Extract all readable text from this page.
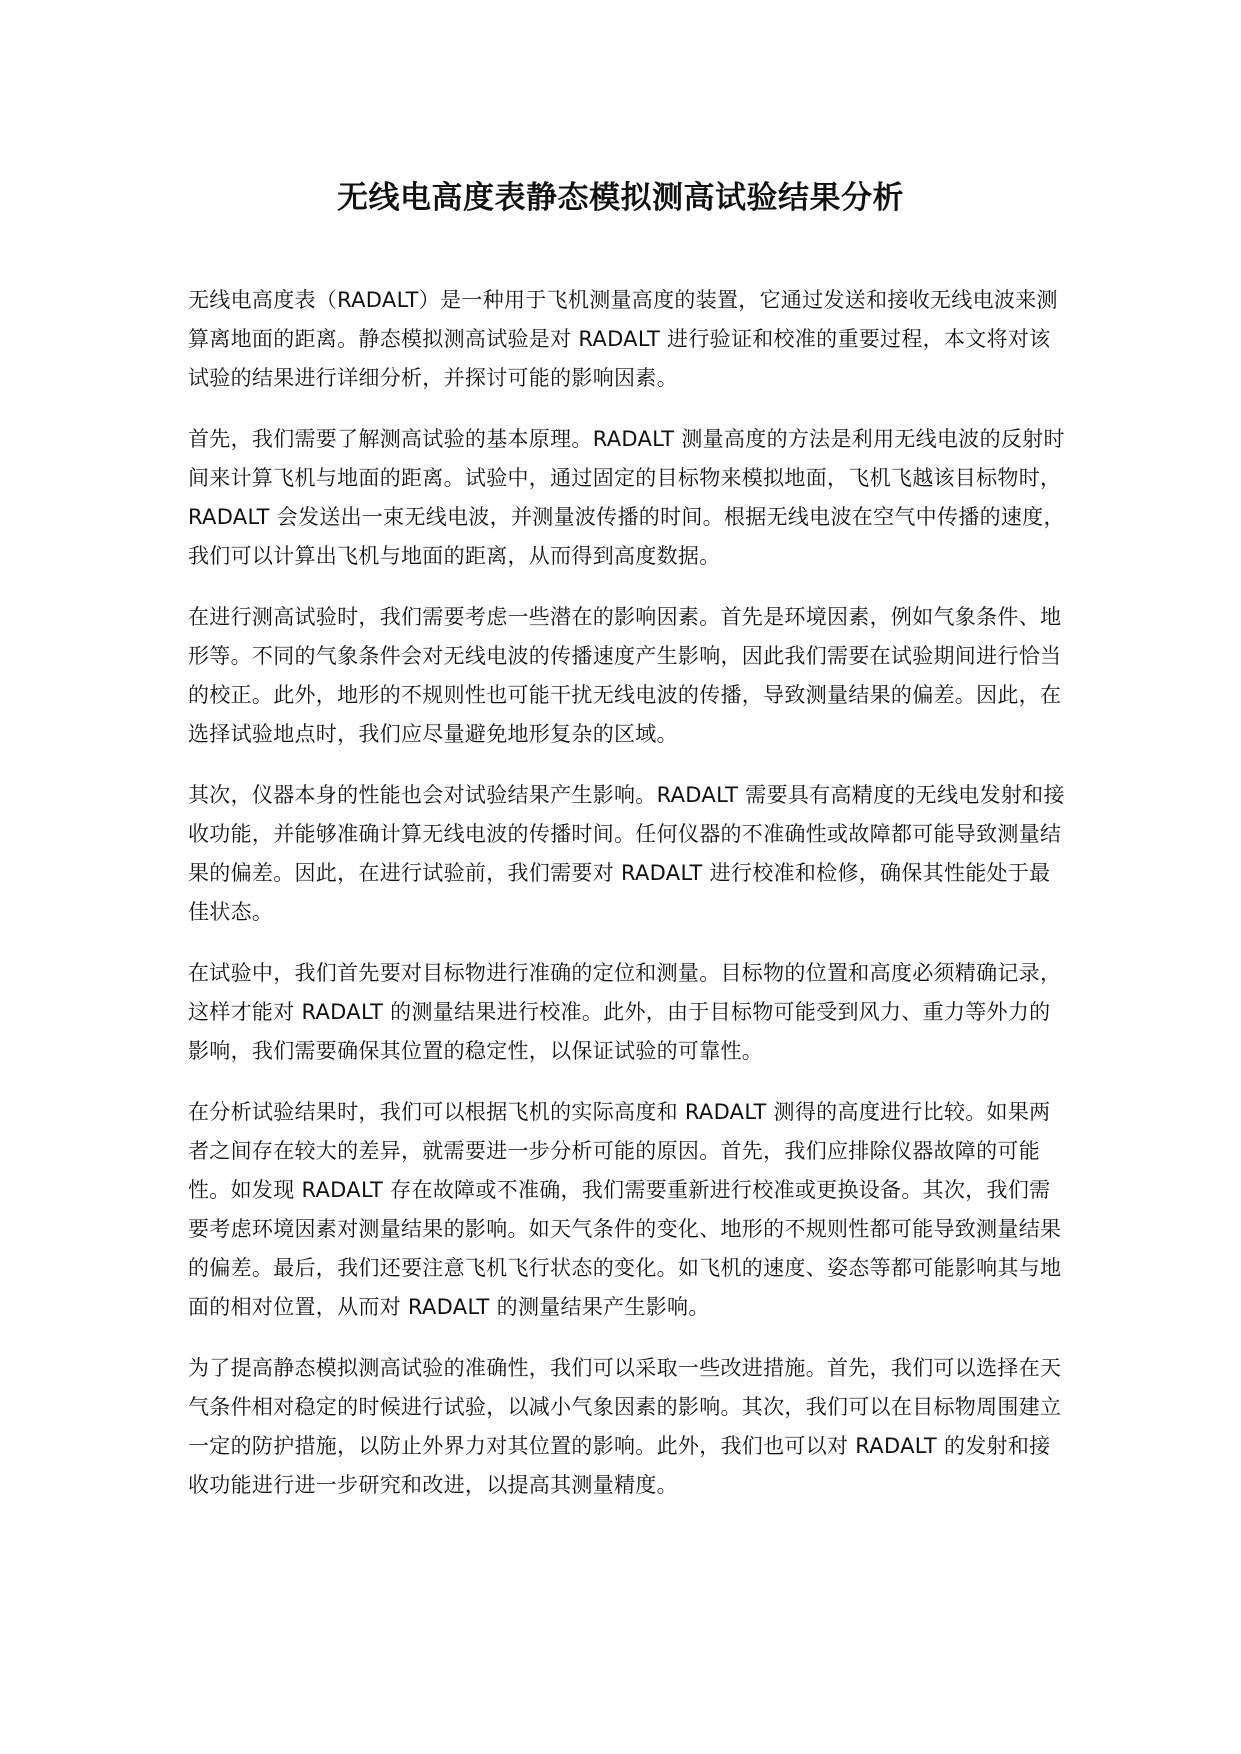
无线电高度表静态模拟测高试验结果分析

无线电高度表（RADALT）是一种用于飞机测量高度的装置，它通过发送和接收无线电波来测算离地面的距离。静态模拟测高试验是对 RADALT 进行验证和校准的重要过程，本文将对该试验的结果进行详细分析，并探讨可能的影响因素。

首先，我们需要了解测高试验的基本原理。RADALT 测量高度的方法是利用无线电波的反射时间来计算飞机与地面的距离。试验中，通过固定的目标物来模拟地面，飞机飞越该目标物时，RADALT 会发送出一束无线电波，并测量波传播的时间。根据无线电波在空气中传播的速度，我们可以计算出飞机与地面的距离，从而得到高度数据。

在进行测高试验时，我们需要考虑一些潜在的影响因素。首先是环境因素，例如气象条件、地形等。不同的气象条件会对无线电波的传播速度产生影响，因此我们需要在试验期间进行恰当的校正。此外，地形的不规则性也可能干扰无线电波的传播，导致测量结果的偏差。因此，在选择试验地点时，我们应尽量避免地形复杂的区域。

其次，仪器本身的性能也会对试验结果产生影响。RADALT 需要具有高精度的无线电发射和接收功能，并能够准确计算无线电波的传播时间。任何仪器的不准确性或故障都可能导致测量结果的偏差。因此，在进行试验前，我们需要对 RADALT 进行校准和检修，确保其性能处于最佳状态。

在试验中，我们首先要对目标物进行准确的定位和测量。目标物的位置和高度必须精确记录，这样才能对 RADALT 的测量结果进行校准。此外，由于目标物可能受到风力、重力等外力的影响，我们需要确保其位置的稳定性，以保证试验的可靠性。

在分析试验结果时，我们可以根据飞机的实际高度和 RADALT 测得的高度进行比较。如果两者之间存在较大的差异，就需要进一步分析可能的原因。首先，我们应排除仪器故障的可能性。如发现 RADALT 存在故障或不准确，我们需要重新进行校准或更换设备。其次，我们需要考虑环境因素对测量结果的影响。如天气条件的变化、地形的不规则性都可能导致测量结果的偏差。最后，我们还要注意飞机飞行状态的变化。如飞机的速度、姿态等都可能影响其与地面的相对位置，从而对 RADALT 的测量结果产生影响。

为了提高静态模拟测高试验的准确性，我们可以采取一些改进措施。首先，我们可以选择在天气条件相对稳定的时候进行试验，以减小气象因素的影响。其次，我们可以在目标物周围建立一定的防护措施，以防止外界力对其位置的影响。此外，我们也可以对 RADALT 的发射和接收功能进行进一步研究和改进，以提高其测量精度。
